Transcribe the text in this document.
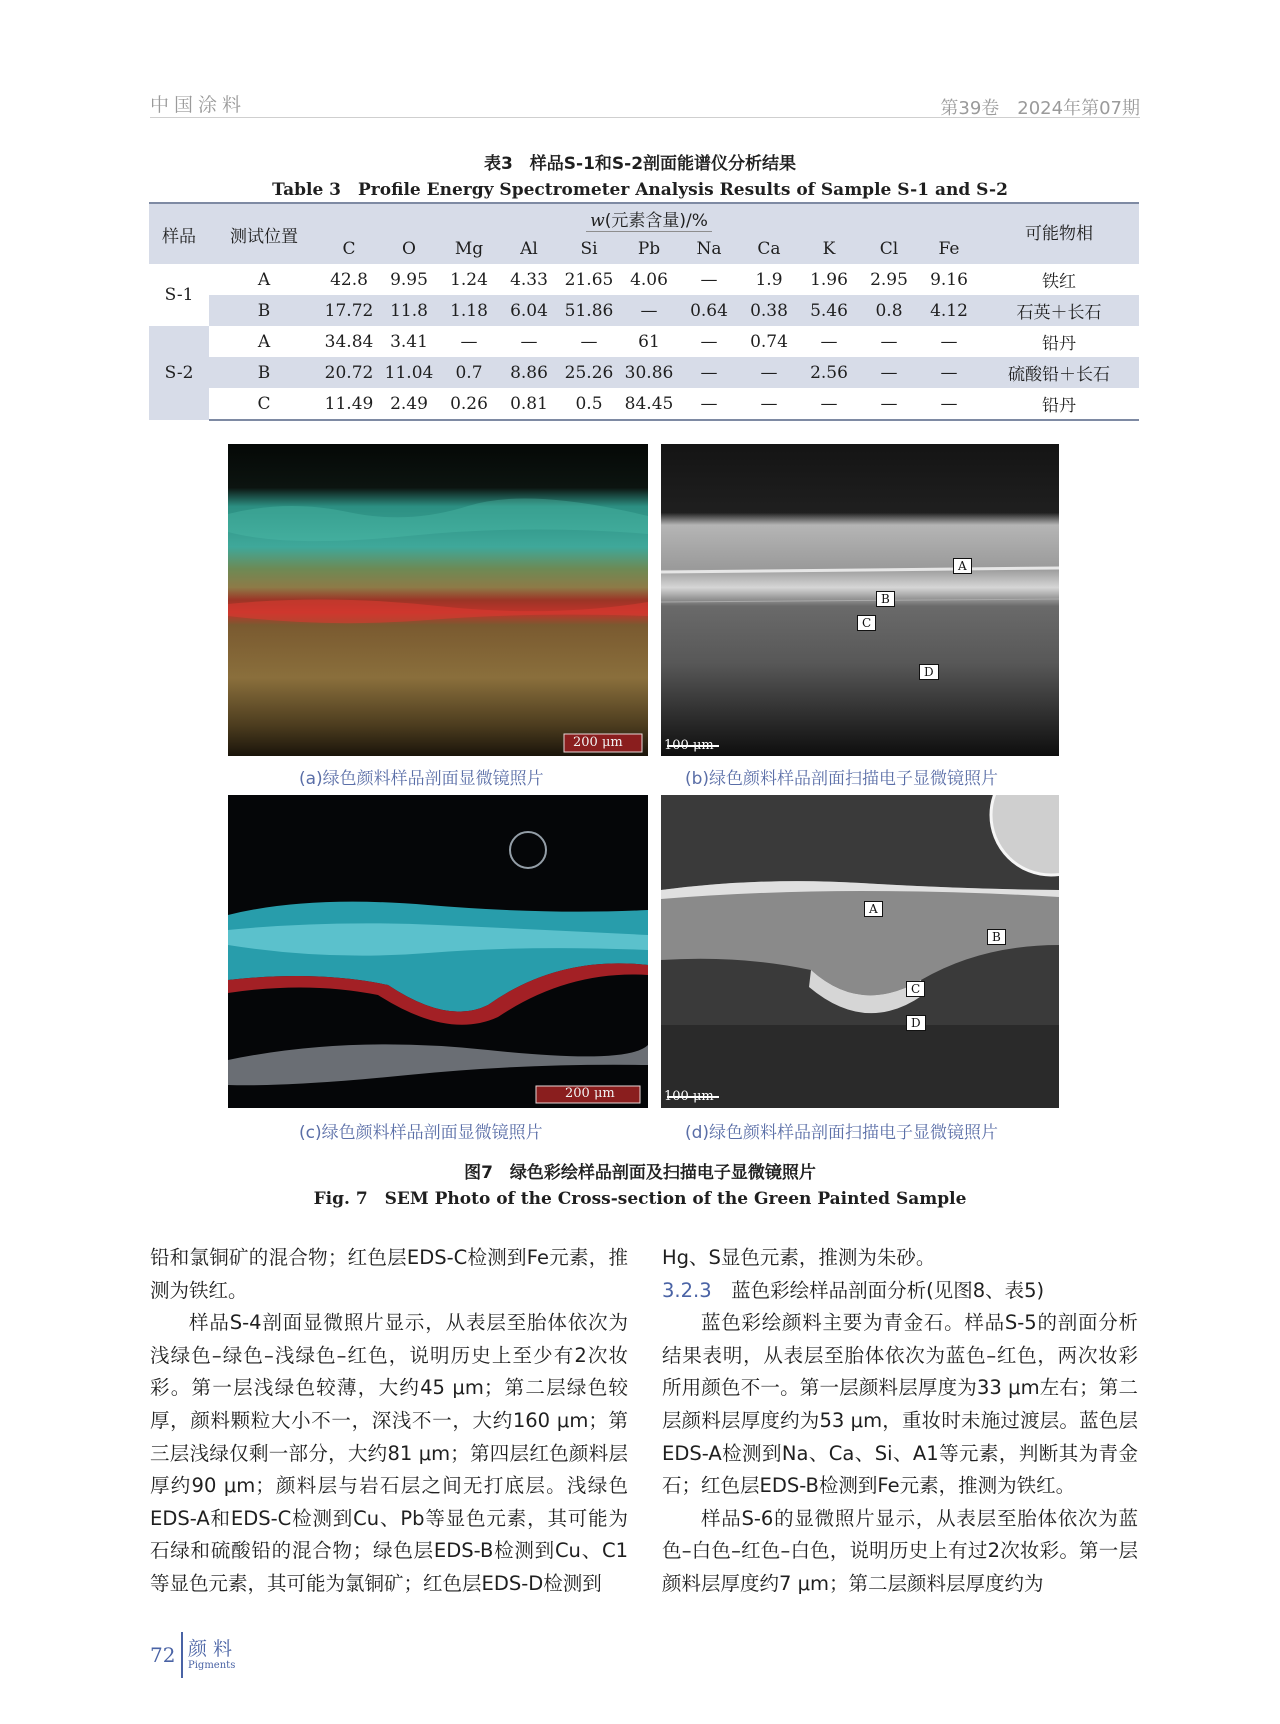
中国涂料	第39卷　2024年第07期
表3　样品S-1和S-2剖面能谱仪分析结果
Table 3　Profile Energy Spectrometer Analysis Results of Sample S-1 and S-2
样品	测试位置	w(元素含量)/%											可能物相
		C	O	Mg	Al	Si	Pb	Na	Ca	K	Cl	Fe	
S-1	A	42.8	9.95	1.24	4.33	21.65	4.06	—	1.9	1.96	2.95	9.16	铁红
	B	17.72	11.8	1.18	6.04	51.86	—	0.64	0.38	5.46	0.8	4.12	石英＋长石
S-2	A	34.84	3.41	—	—	—	61	—	0.74	—	—	—	铅丹
	B	20.72	11.04	0.7	8.86	25.26	30.86	—	—	2.56	—	—	硫酸铅＋长石
	C	11.49	2.49	0.26	0.81	0.5	84.45	—	—	—	—	—	铅丹
200 μm
A
B
C
D
100 μm
(a)绿色颜料样品剖面显微镜照片	(b)绿色颜料样品剖面扫描电子显微镜照片
200 μm
A
B
C
D
100 μm
(c)绿色颜料样品剖面显微镜照片	(d)绿色颜料样品剖面扫描电子显微镜照片
图7　绿色彩绘样品剖面及扫描电子显微镜照片
Fig. 7　SEM Photo of the Cross-section of the Green Painted Sample

铅和氯铜矿的混合物；红色层EDS-C检测到Fe元素，推测为铁红。

样品S-4剖面显微照片显示，从表层至胎体依次为浅绿色–绿色–浅绿色–红色，说明历史上至少有2次妆彩。第一层浅绿色较薄，大约45 μm；第二层绿色较厚，颜料颗粒大小不一，深浅不一，大约160 μm；第三层浅绿仅剩一部分，大约81 μm；第四层红色颜料层厚约90 μm；颜料层与岩石层之间无打底层。浅绿色EDS-A和EDS-C检测到Cu、Pb等显色元素，其可能为石绿和硫酸铅的混合物；绿色层EDS-B检测到Cu、C1等显色元素，其可能为氯铜矿；红色层EDS-D检测到

Hg、S显色元素，推测为朱砂。

3.2.3　蓝色彩绘样品剖面分析(见图8、表5)

蓝色彩绘颜料主要为青金石。样品S-5的剖面分析结果表明，从表层至胎体依次为蓝色–红色，两次妆彩所用颜色不一。第一层颜料层厚度为33 μm左右；第二层颜料层厚度约为53 μm，重妆时未施过渡层。蓝色层EDS-A检测到Na、Ca、Si、A1等元素，判断其为青金石；红色层EDS-B检测到Fe元素，推测为铁红。

样品S-6的显微照片显示，从表层至胎体依次为蓝色–白色–红色–白色，说明历史上有过2次妆彩。第一层颜料层厚度约7 μm；第二层颜料层厚度约为

72 颜料
Pigments
